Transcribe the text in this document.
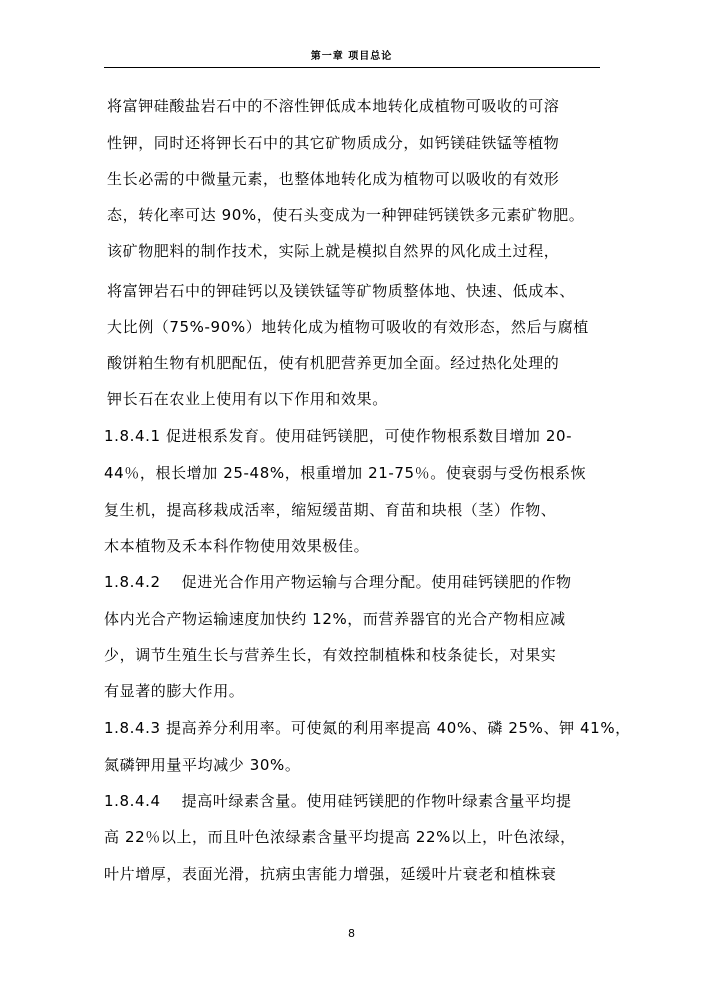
第一章 项目总论
将富钾硅酸盐岩石中的不溶性钾低成本地转化成植物可吸收的可溶
性钾，同时还将钾长石中的其它矿物质成分，如钙镁硅铁锰等植物
生长必需的中微量元素，也整体地转化成为植物可以吸收的有效形
态，转化率可达 90%，使石头变成为一种钾硅钙镁铁多元素矿物肥。
该矿物肥料的制作技术，实际上就是模拟自然界的风化成土过程，
将富钾岩石中的钾硅钙以及镁铁锰等矿物质整体地、快速、低成本、
大比例（75%-90%）地转化成为植物可吸收的有效形态，然后与腐植
酸饼粕生物有机肥配伍，使有机肥营养更加全面。经过热化处理的
钾长石在农业上使用有以下作用和效果。
1.8.4.1 促进根系发育。使用硅钙镁肥，可使作物根系数目增加 20-
44％，根长增加 25-48%，根重增加 21-75％。使衰弱与受伤根系恢
复生机，提高移栽成活率，缩短缓苗期、育苗和块根（茎）作物、
木本植物及禾本科作物使用效果极佳。
1.8.4.2　 促进光合作用产物运输与合理分配。使用硅钙镁肥的作物
体内光合产物运输速度加快约 12%，而营养器官的光合产物相应减
少，调节生殖生长与营养生长，有效控制植株和枝条徒长，对果实
有显著的膨大作用。
1.8.4.3 提高养分利用率。可使氮的利用率提高 40%、磷 25%、钾 41%，
氮磷钾用量平均减少 30%。
1.8.4.4　 提高叶绿素含量。使用硅钙镁肥的作物叶绿素含量平均提
高 22％以上，而且叶色浓绿素含量平均提高 22%以上，叶色浓绿，
叶片增厚，表面光滑，抗病虫害能力增强，延缓叶片衰老和植株衰
8
